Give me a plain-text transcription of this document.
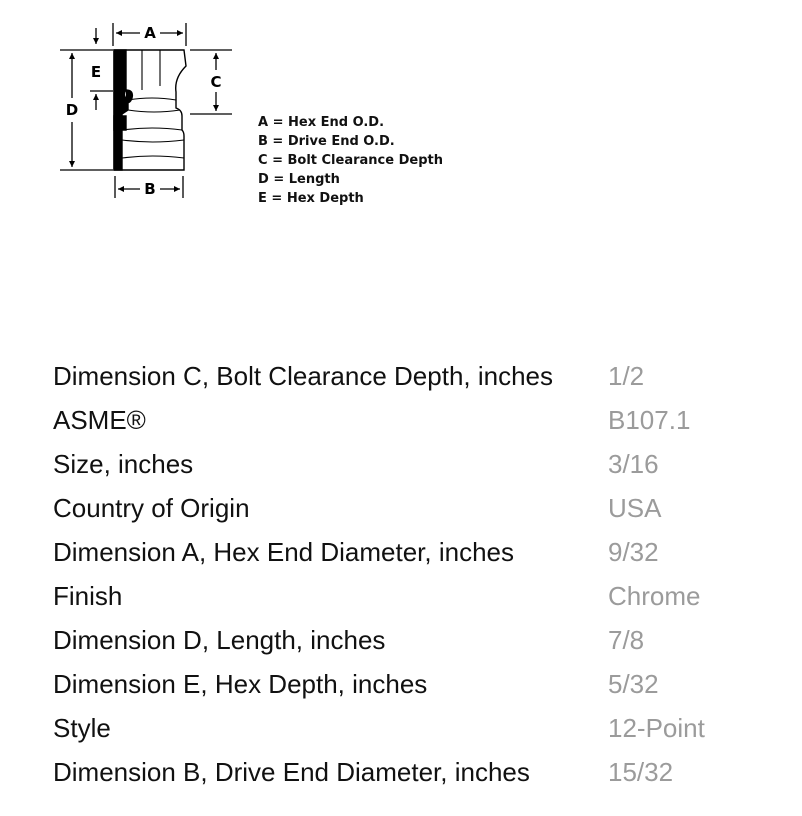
A
B
C
D
E
A = Hex End O.D.
B = Drive End O.D.
C = Bolt Clearance Depth
D = Length
E = Hex Depth
Dimension C, Bolt Clearance Depth, inches 1/2
ASME®	B107.1
Size, inches	3/16
Country of Origin	USA
Dimension A, Hex End Diameter, inches	9/32
Finish	Chrome
Dimension D, Length, inches	7/8
Dimension E, Hex Depth, inches	5/32
Style	12-Point
Dimension B, Drive End Diameter, inches	15/32
